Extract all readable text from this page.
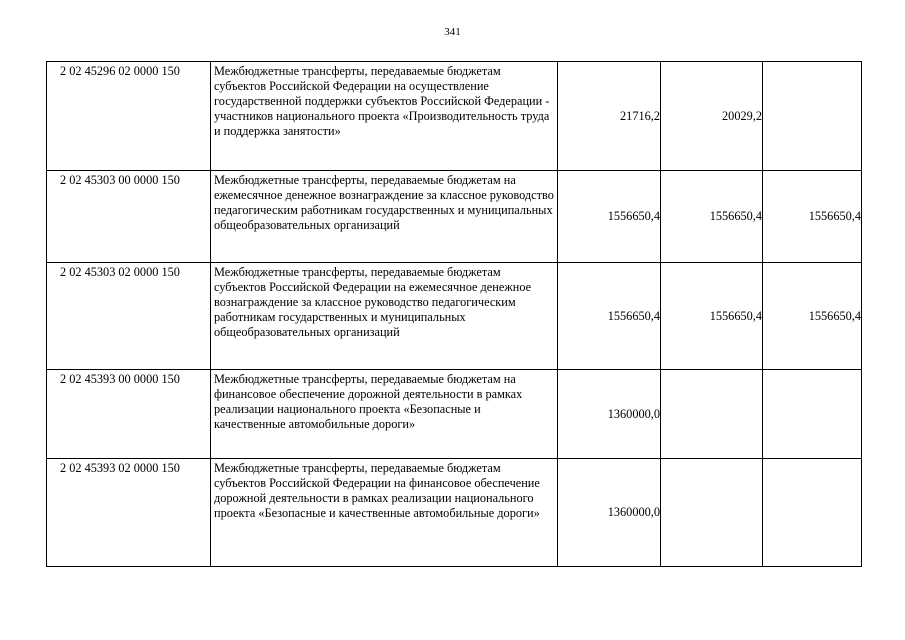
341
2 02 45296 02 0000 150	Межбюджетные трансферты, передаваемые бюджетам субъектов Российской Федерации на осуществление государственной поддержки субъектов Российской Федерации - участников национального проекта «Производительность труда и поддержка занятости»	21716,2	20029,2	
2 02 45303 00 0000 150	Межбюджетные трансферты, передаваемые бюджетам на ежемесячное денежное вознаграждение за классное руководство педагогическим работникам государственных и муниципальных общеобразовательных организаций	1556650,4	1556650,4	1556650,4
2 02 45303 02 0000 150	Межбюджетные трансферты, передаваемые бюджетам субъектов Российской Федерации на ежемесячное денежное вознаграждение за классное руководство педагогическим работникам государственных и муниципальных общеобразовательных организаций	1556650,4	1556650,4	1556650,4
2 02 45393 00 0000 150	Межбюджетные трансферты, передаваемые бюджетам на финансовое обеспечение дорожной деятельности в рамках реализации национального проекта «Безопасные и качественные автомобильные дороги»	1360000,0		
2 02 45393 02 0000 150	Межбюджетные трансферты, передаваемые бюджетам субъектов Российской Федерации на финансовое обеспечение дорожной деятельности в рамках реализации национального проекта «Безопасные и качественные автомобильные дороги»	1360000,0		
